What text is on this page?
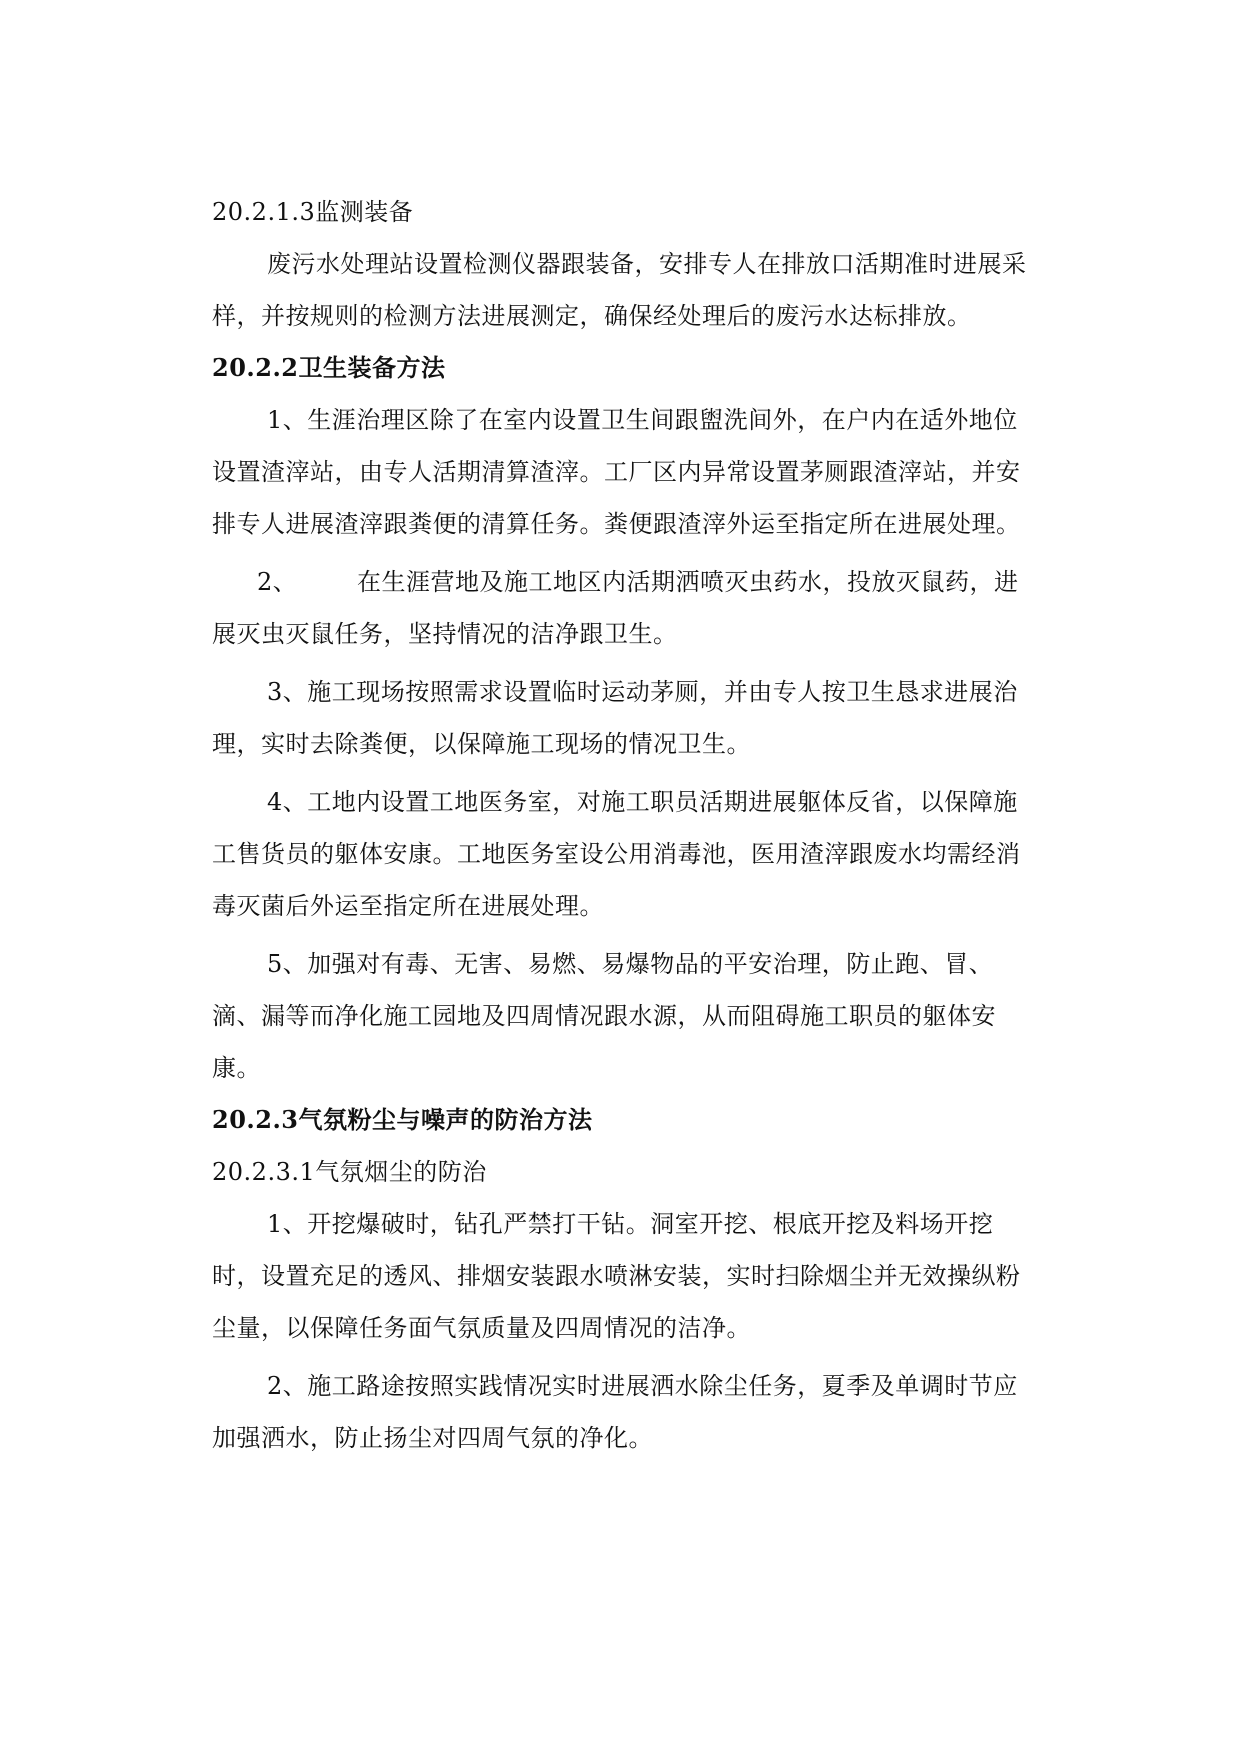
20.2.1.3监测装备

废污水处理站设置检测仪器跟装备，安排专人在排放口活期准时进展采样，并按规则的检测方法进展测定，确保经处理后的废污水达标排放。

20.2.2卫生装备方法

1、生涯治理区除了在室内设置卫生间跟盥洗间外，在户内在适外地位设置渣滓站，由专人活期清算渣滓。工厂区内异常设置茅厕跟渣滓站，并安排专人进展渣滓跟粪便的清算任务。粪便跟渣滓外运至指定所在进展处理。

2、 在生涯营地及施工地区内活期洒喷灭虫药水，投放灭鼠药，进展灭虫灭鼠任务，坚持情况的洁净跟卫生。

3、施工现场按照需求设置临时运动茅厕，并由专人按卫生恳求进展治理，实时去除粪便，以保障施工现场的情况卫生。

4、工地内设置工地医务室，对施工职员活期进展躯体反省，以保障施工售货员的躯体安康。工地医务室设公用消毒池，医用渣滓跟废水均需经消毒灭菌后外运至指定所在进展处理。

5、加强对有毒、无害、易燃、易爆物品的平安治理，防止跑、冒、滴、漏等而净化施工园地及四周情况跟水源，从而阻碍施工职员的躯体安康。

20.2.3气氛粉尘与噪声的防治方法

20.2.3.1气氛烟尘的防治

1、开挖爆破时，钻孔严禁打干钻。洞室开挖、根底开挖及料场开挖时，设置充足的透风、排烟安装跟水喷淋安装，实时扫除烟尘并无效操纵粉尘量，以保障任务面气氛质量及四周情况的洁净。

2、施工路途按照实践情况实时进展洒水除尘任务，夏季及单调时节应加强洒水，防止扬尘对四周气氛的净化。
